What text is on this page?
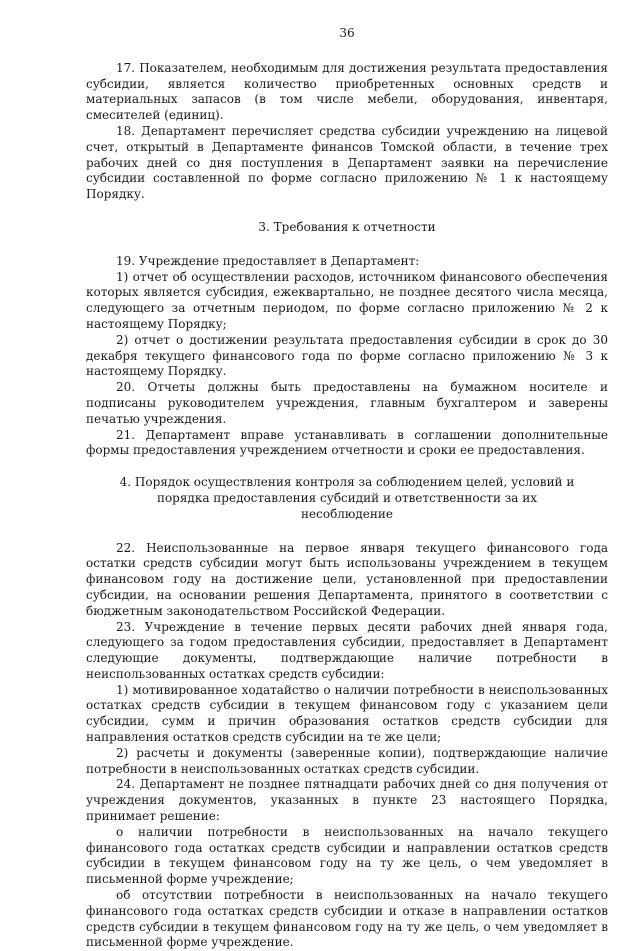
36

17. Показателем, необходимым для достижения результата предоставления субсидии, является количество приобретенных основных средств и материальных запасов (в том числе мебели, оборудования, инвентаря, смесителей (единиц).

18. Департамент перечисляет средства субсидии учреждению на лицевой счет, открытый в Департаменте финансов Томской области, в течение трех рабочих дней со дня поступления в Департамент заявки на перечисление субсидии составленной по форме согласно приложению № 1 к настоящему Порядку.

3. Требования к отчетности

19. Учреждение предоставляет в Департамент:

1) отчет об осуществлении расходов, источником финансового обеспечения которых является субсидия, ежеквартально, не позднее десятого числа месяца, следующего за отчетным периодом, по форме согласно приложению № 2 к настоящему Порядку;

2) отчет о достижении результата предоставления субсидии в срок до 30 декабря текущего финансового года по форме согласно приложению № 3 к настоящему Порядку.

20. Отчеты должны быть предоставлены на бумажном носителе и подписаны руководителем учреждения, главным бухгалтером и заверены печатью учреждения.

21. Департамент вправе устанавливать в соглашении дополнительные формы предоставления учреждением отчетности и сроки ее предоставления.

4. Порядок осуществления контроля за соблюдением целей, условий и порядка предоставления субсидий и ответственности за их несоблюдение

22. Неиспользованные на первое января текущего финансового года остатки средств субсидии могут быть использованы учреждением в текущем финансовом году на достижение цели, установленной при предоставлении субсидии, на основании решения Департамента, принятого в соответствии с бюджетным законодательством Российской Федерации.

23. Учреждение в течение первых десяти рабочих дней января года, следующего за годом предоставления субсидии, предоставляет в Департамент следующие документы, подтверждающие наличие потребности в неиспользованных остатках средств субсидии:

1) мотивированное ходатайство о наличии потребности в неиспользованных остатках средств субсидии в текущем финансовом году с указанием цели субсидии, сумм и причин образования остатков средств субсидии для направления остатков средств субсидии на те же цели;

2) расчеты и документы (заверенные копии), подтверждающие наличие потребности в неиспользованных остатках средств субсидии.

24. Департамент не позднее пятнадцати рабочих дней со дня получения от учреждения документов, указанных в пункте 23 настоящего Порядка, принимает решение:

о наличии потребности в неиспользованных на начало текущего финансового года остатках средств субсидии и направлении остатков средств субсидии в текущем финансовом году на ту же цель, о чем уведомляет в письменной форме учреждение;

об отсутствии потребности в неиспользованных на начало текущего финансового года остатках средств субсидии и отказе в направлении остатков средств субсидии в текущем финансовом году на ту же цель, о чем уведомляет в письменной форме учреждение.
